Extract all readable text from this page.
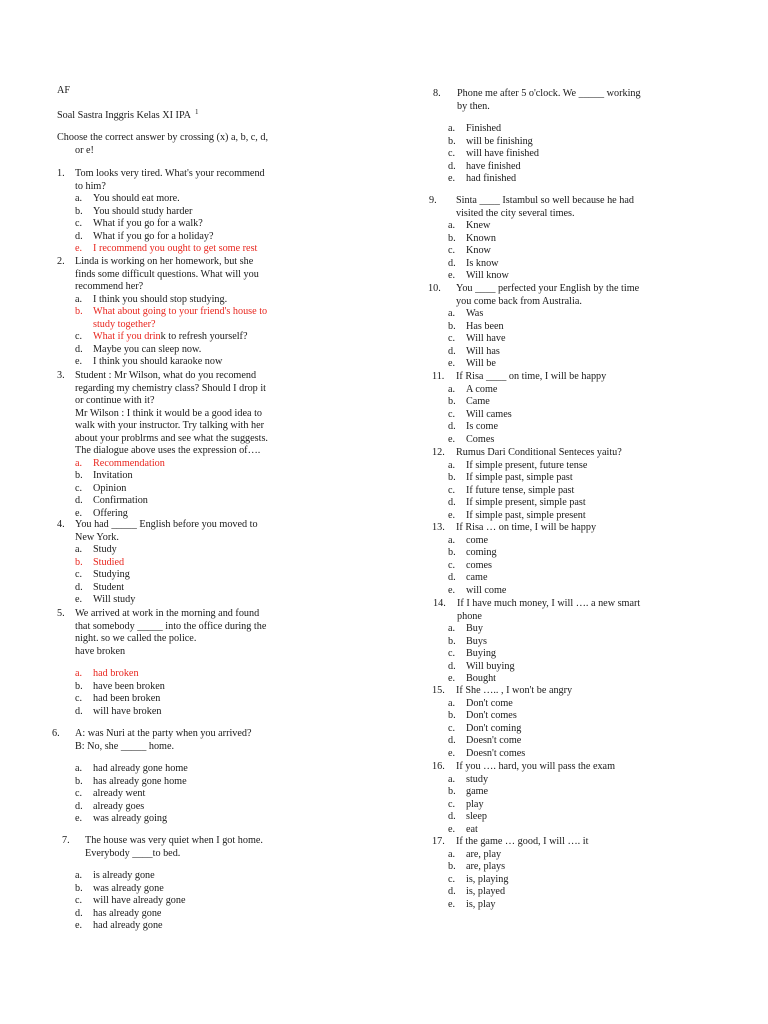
AF
Soal Sastra Inggris Kelas XI IPA $^1$
Choose the correct answer by crossing (x) a, b, c, d,
or e!
1. Tom looks very tired. What's your recommend
to him?
a. You should eat more.
b. You should study harder
c. What if you go for a walk?
d. What if you go for a holiday?
e. I recommend you ought to get some rest
2. Linda is working on her homework, but she
finds some difficult questions. What will you
recommend her?
a. I think you should stop studying.
b. What about going to your friend's house to
study together?
c. What if you drink to refresh yourself?
d. Maybe you can sleep now.
e. I think you should karaoke now
3. Student : Mr Wilson, what do you recomend
regarding my chemistry class? Should I drop it
or continue with it?
Mr Wilson : I think it would be a good idea to
walk with your instructor. Try talking with her
about your problrms and see what the suggests.
The dialogue above uses the expression of….
a. Recommendation
b. Invitation
c. Opinion
d. Confirmation
e. Offering
4. You had _____ English before you moved to
New York.
a. Study
b. Studied
c. Studying
d. Student
e. Will study
5. We arrived at work in the morning and found
that somebody _____ into the office during the
night. so we called the police.
have broken
a. had broken
b. have been broken
c. had been broken
d. will have broken
6. A: was Nuri at the party when you arrived?
B: No, she _____ home.
a. had already gone home
b. has already gone home
c. already went
d. already goes
e. was already going
7. The house was very quiet when I got home.
Everybody ____to bed.
a. is already gone
b. was already gone
c. will have already gone
d. has already gone
e. had already gone
8. Phone me after 5 o'clock. We _____ working
by then.
a. Finished
b. will be finishing
c. will have finished
d. have finished
e. had finished
9. Sinta ____ Istambul so well because he had
visited the city several times.
a. Knew
b. Known
c. Know
d. Is know
e. Will know
10. You ____ perfected your English by the time
you come back from Australia.
a. Was
b. Has been
c. Will have
d. Will has
e. Will be
11. If Risa ____ on time, I will be happy
a. A come
b. Came
c. Will cames
d. Is come
e. Comes
12. Rumus Dari Conditional Senteces yaitu?
a. If simple present, future tense
b. If simple past, simple past
c. If future tense, simple past
d. If simple present, simple past
e. If simple past, simple present
13. If Risa … on time, I will be happy
a. come
b. coming
c. comes
d. came
e. will come
14. If I have much money, I will …. a new smart
phone
a. Buy
b. Buys
c. Buying
d. Will buying
e. Bought
15. If She ….. , I won't be angry
a. Don't come
b. Don't comes
c. Don't coming
d. Doesn't come
e. Doesn't comes
16. If you …. hard, you will pass the exam
a. study
b. game
c. play
d. sleep
e. eat
17. If the game … good, I will …. it
a. are, play
b. are, plays
c. is, playing
d. is, played
e. is, play
